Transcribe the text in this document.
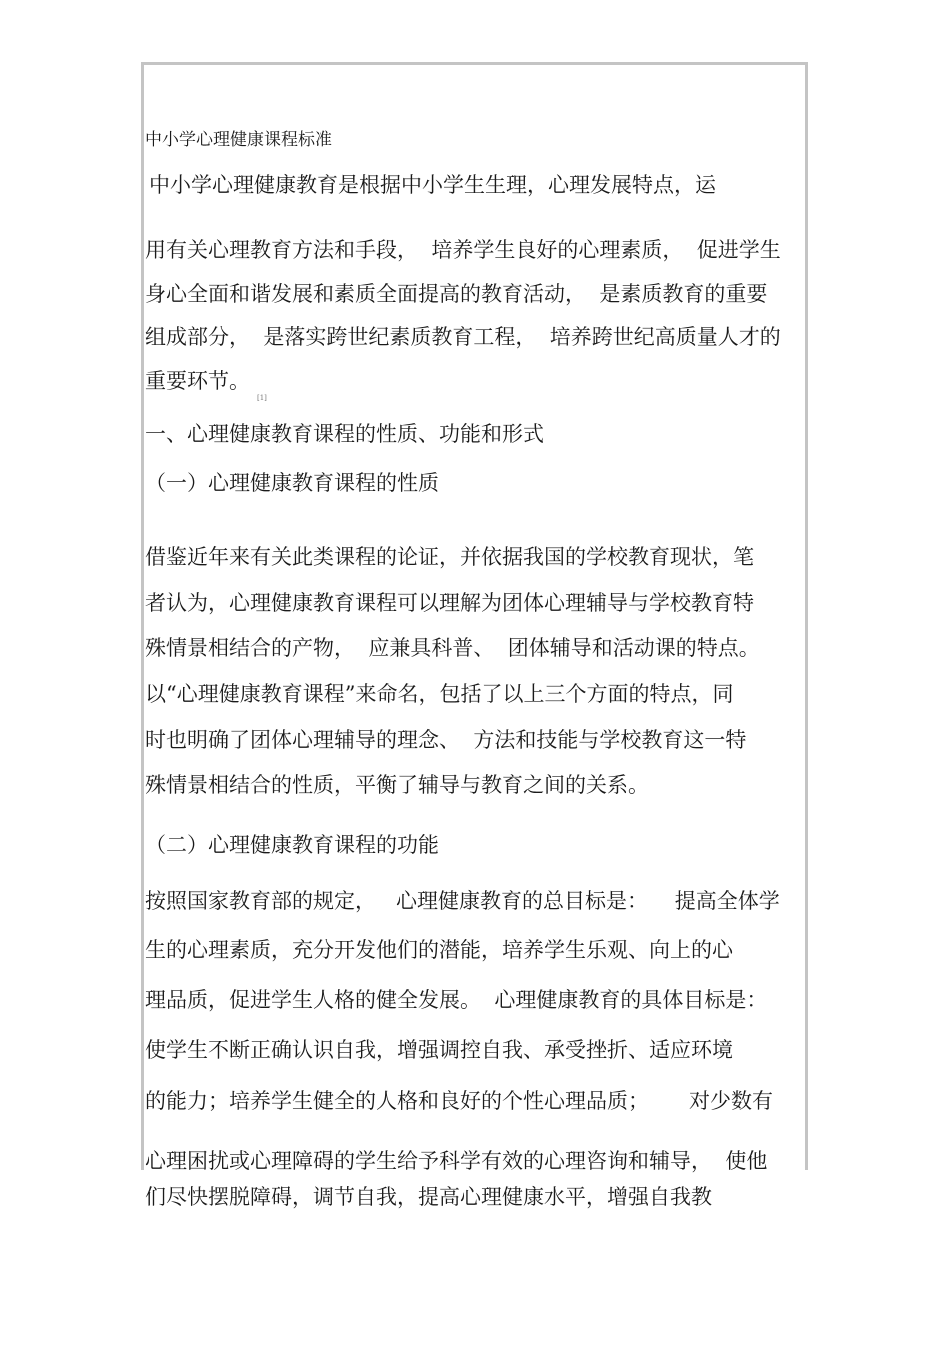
中小学心理健康课程标准
中小学心理健康教育是根据中小学生生理，心理发展特点，运
用有关心理教育方法和手段，  培养学生良好的心理素质，  促进学生
身心全面和谐发展和素质全面提高的教育活动，  是素质教育的重要
组成部分，  是落实跨世纪素质教育工程，  培养跨世纪高质量人才的
重要环节。
[1]
一、心理健康教育课程的性质、功能和形式
（一）心理健康教育课程的性质
借鉴近年来有关此类课程的论证，并依据我国的学校教育现状，笔
者认为，心理健康教育课程可以理解为团体心理辅导与学校教育特
殊情景相结合的产物，  应兼具科普、  团体辅导和活动课的特点。
以“心理健康教育课程”来命名，包括了以上三个方面的特点，同
时也明确了团体心理辅导的理念、  方法和技能与学校教育这一特
殊情景相结合的性质，平衡了辅导与教育之间的关系。
（二）心理健康教育课程的功能
按照国家教育部的规定，   心理健康教育的总目标是：    提高全体学
生的心理素质，充分开发他们的潜能，培养学生乐观、向上的心
理品质，促进学生人格的健全发展。  心理健康教育的具体目标是：
使学生不断正确认识自我，增强调控自我、承受挫折、适应环境
的能力；培养学生健全的人格和良好的个性心理品质；      对少数有
心理困扰或心理障碍的学生给予科学有效的心理咨询和辅导，  使他
们尽快摆脱障碍，调节自我，提高心理健康水平，增强自我教
